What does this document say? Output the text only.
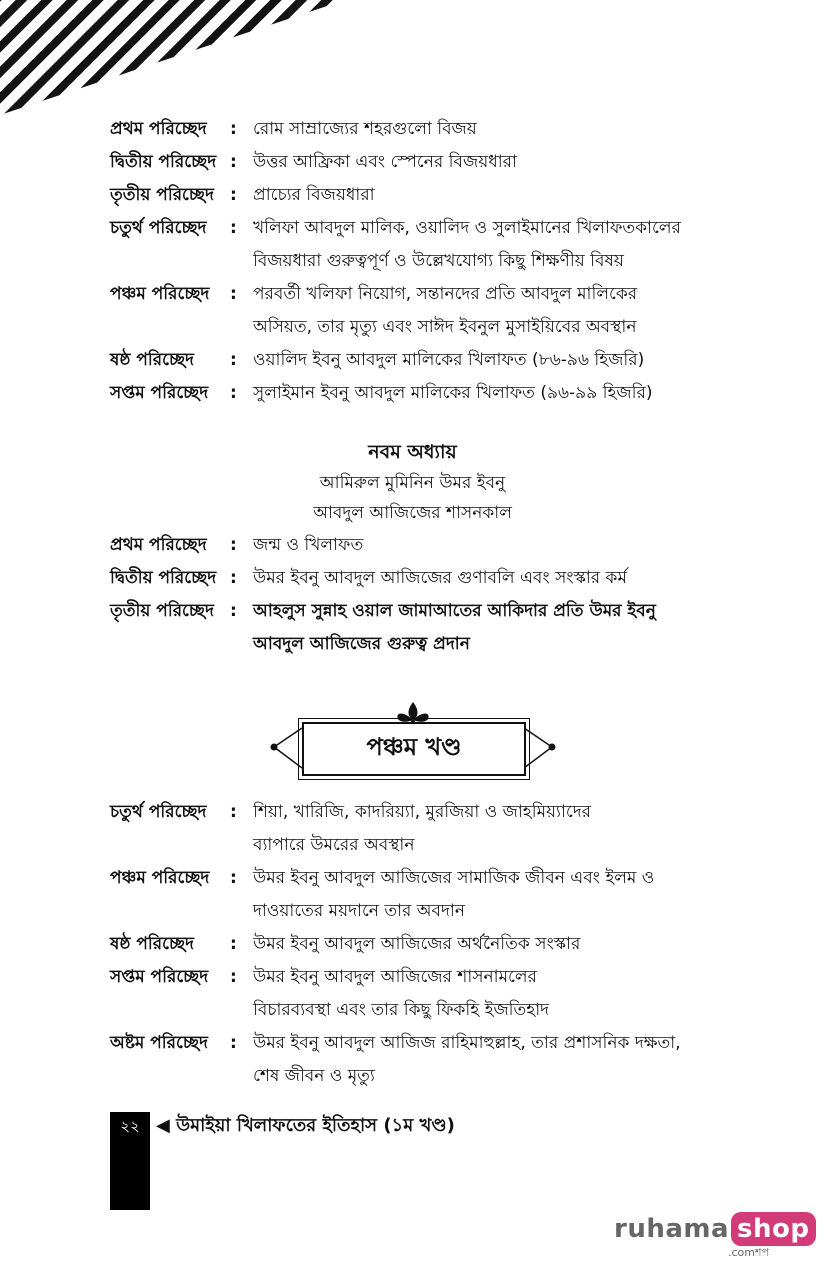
প্রথম পরিচ্ছেদ : রোম সাম্রাজ্যের শহরগুলো বিজয়
দ্বিতীয় পরিচ্ছেদ : উত্তর আফ্রিকা এবং স্পেনের বিজয়ধারা
তৃতীয় পরিচ্ছেদ : প্রাচ্যের বিজয়ধারা
চতুর্থ পরিচ্ছেদ : খলিফা আবদুল মালিক, ওয়ালিদ ও সুলাইমানের খিলাফতকালের
বিজয়ধারা গুরুত্বপূর্ণ ও উল্লেখযোগ্য কিছু শিক্ষণীয় বিষয়
পঞ্চম পরিচ্ছেদ : পরবর্তী খলিফা নিয়োগ, সন্তানদের প্রতি আবদুল মালিকের
অসিয়ত, তার মৃত্যু এবং সাঈদ ইবনুল মুসাইয়িবের অবস্থান
ষষ্ঠ পরিচ্ছেদ : ওয়ালিদ ইবনু আবদুল মালিকের খিলাফত (৮৬-৯৬ হিজরি)
সপ্তম পরিচ্ছেদ : সুলাইমান ইবনু আবদুল মালিকের খিলাফত (৯৬-৯৯ হিজরি)
নবম অধ্যায়
আমিরুল মুমিনিন উমর ইবনু
আবদুল আজিজের শাসনকাল
প্রথম পরিচ্ছেদ : জন্ম ও খিলাফত
দ্বিতীয় পরিচ্ছেদ : উমর ইবনু আবদুল আজিজের গুণাবলি এবং সংস্কার কর্ম
তৃতীয় পরিচ্ছেদ : আহলুস সুন্নাহ ওয়াল জামাআতের আকিদার প্রতি উমর ইবনু
আবদুল আজিজের গুরুত্ব প্রদান
পঞ্চম খণ্ড
চতুর্থ পরিচ্ছেদ : শিয়া, খারিজি, কাদরিয়্যা, মুরজিয়া ও জাহমিয়্যাদের
ব্যাপারে উমরের অবস্থান
পঞ্চম পরিচ্ছেদ : উমর ইবনু আবদুল আজিজের সামাজিক জীবন এবং ইলম ও
দাওয়াতের ময়দানে তার অবদান
ষষ্ঠ পরিচ্ছেদ : উমর ইবনু আবদুল আজিজের অর্থনৈতিক সংস্কার
সপ্তম পরিচ্ছেদ : উমর ইবনু আবদুল আজিজের শাসনামলের
বিচারব্যবস্থা এবং তার কিছু ফিকহি ইজতিহাদ
অষ্টম পরিচ্ছেদ : উমর ইবনু আবদুল আজিজ রাহিমাহুল্লাহ, তার প্রশাসনিক দক্ষতা,
শেষ জীবন ও মৃত্যু
২২ ◀ উমাইয়া খিলাফতের ইতিহাস (১ম খণ্ড)
ruhama shop
.comশপ
